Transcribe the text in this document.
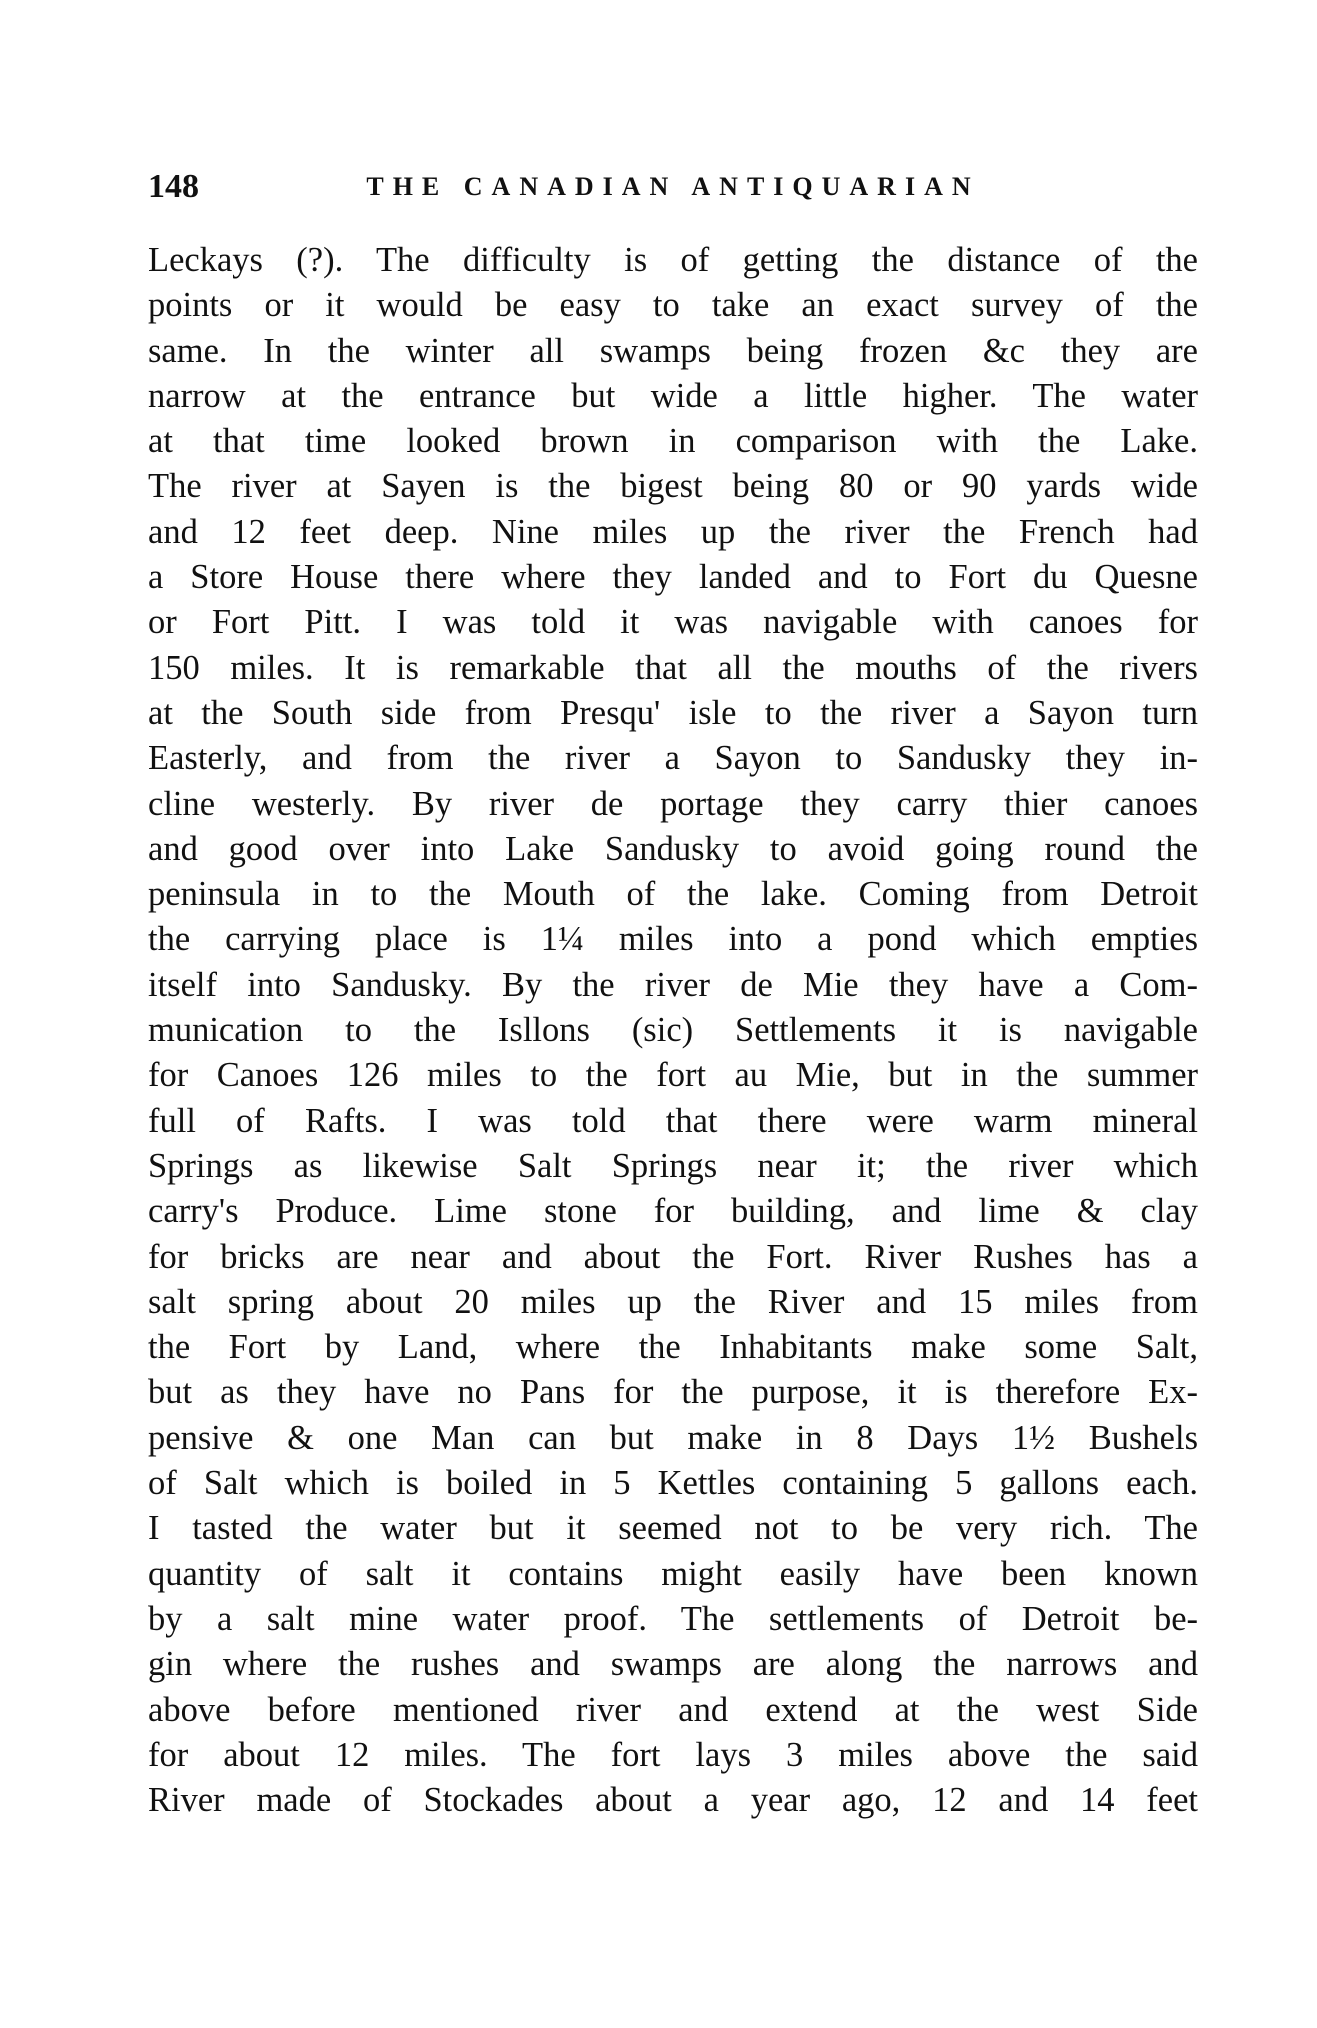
148	THE CANADIAN ANTIQUARIAN
Leckays (?). The difficulty is of getting the distance of the
points or it would be easy to take an exact survey of the
same. In the winter all swamps being frozen &c they are
narrow at the entrance but wide a little higher. The water
at that time looked brown in comparison with the Lake.
The river at Sayen is the bigest being 80 or 90 yards wide
and 12 feet deep. Nine miles up the river the French had
a Store House there where they landed and to Fort du Quesne
or Fort Pitt. I was told it was navigable with canoes for
150 miles. It is remarkable that all the mouths of the rivers
at the South side from Presqu' isle to the river a Sayon turn
Easterly, and from the river a Sayon to Sandusky they in-
cline westerly. By river de portage they carry thier canoes
and good over into Lake Sandusky to avoid going round the
peninsula in to the Mouth of the lake. Coming from Detroit
the carrying place is 1¼ miles into a pond which empties
itself into Sandusky. By the river de Mie they have a Com-
munication to the Isllons (sic) Settlements it is navigable
for Canoes 126 miles to the fort au Mie, but in the summer
full of Rafts. I was told that there were warm mineral
Springs as likewise Salt Springs near it; the river which
carry's Produce. Lime stone for building, and lime & clay
for bricks are near and about the Fort. River Rushes has a
salt spring about 20 miles up the River and 15 miles from
the Fort by Land, where the Inhabitants make some Salt,
but as they have no Pans for the purpose, it is therefore Ex-
pensive & one Man can but make in 8 Days 1½ Bushels
of Salt which is boiled in 5 Kettles containing 5 gallons each.
I tasted the water but it seemed not to be very rich. The
quantity of salt it contains might easily have been known
by a salt mine water proof. The settlements of Detroit be-
gin where the rushes and swamps are along the narrows and
above before mentioned river and extend at the west Side
for about 12 miles. The fort lays 3 miles above the said
River made of Stockades about a year ago, 12 and 14 feet
